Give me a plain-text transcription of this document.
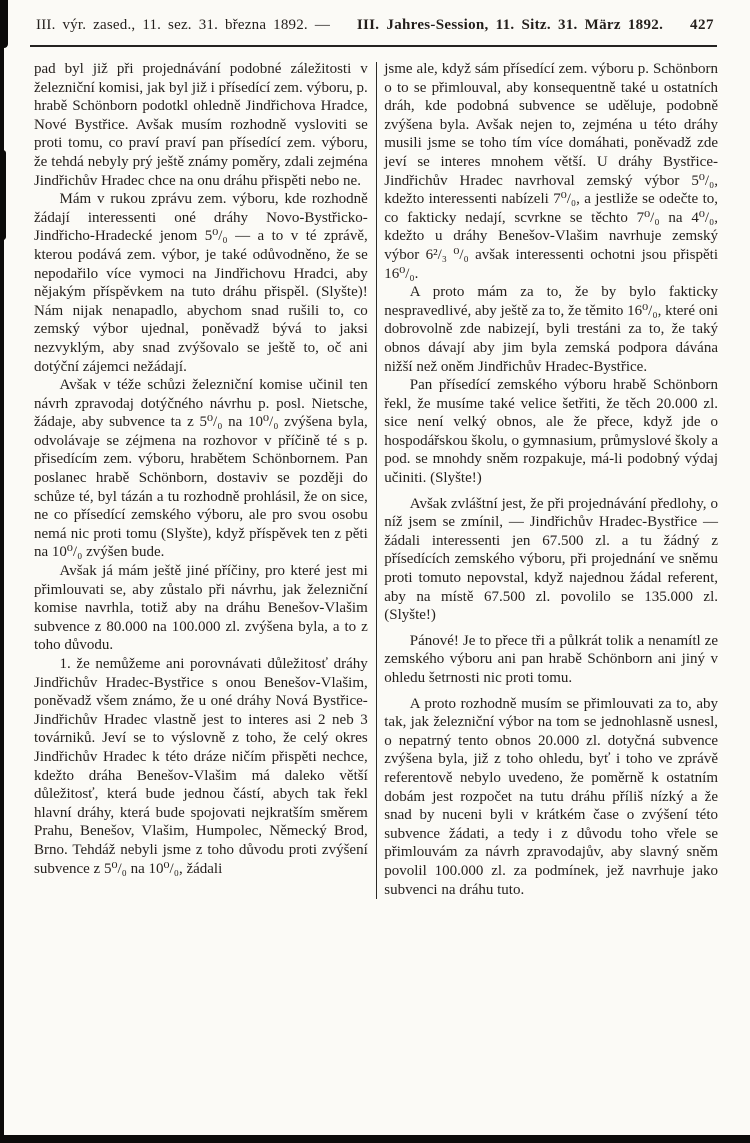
III. výr. zased., 11. sez. 31. března 1892. — III. Jahres-Session, 11. Sitz. 31. März 1892. 427

pad byl již při projednávání podobné záležitosti v železniční komisi, jak byl již i přísedící zem. výboru, p. hrabě Schönborn podotkl ohledně Jindřichova Hradce, Nové Bystřice. Avšak musím rozhodně vysloviti se proti tomu, co praví praví pan přísedící zem. výboru, že tehdá nebyly prý ještě známy poměry, zdali zejména Jindřichův Hradec chce na onu dráhu přispěti nebo ne.

Mám v rukou zprávu zem. výboru, kde rozhodně žádají interessenti oné dráhy Novo-Bystřicko-Jindřicho-Hradecké jenom 5⁰/₀ — a to v té zprávě, kterou podává zem. výbor, je také odůvodněno, že se nepodařilo více vymoci na Jindřichovu Hradci, aby nějakým příspěvkem na tuto dráhu přispěl. (Slyšte)! Nám nijak nenapadlo, abychom snad rušili to, co zemský výbor ujednal, poněvadž bývá to jaksi nezvyklým, aby snad zvýšovalo se ještě to, oč ani dotýční zájemci nežádají.

Avšak v téže schůzi železniční komise učinil ten návrh zpravodaj dotýčného návrhu p. posl. Nietsche, žádaje, aby subvence ta z 5⁰/₀ na 10⁰/₀ zvýšena byla, odvolávaje se zéjmena na rozhovor v příčině té s p. přisedícím zem. výboru, hrabětem Schönbornem. Pan poslanec hrabě Schönborn, dostaviv se později do schůze té, byl tázán a tu rozhodně prohlásil, že on sice, ne co přísedící zemského výboru, ale pro svou osobu nemá nic proti tomu (Slyšte), když příspěvek ten z pěti na 10⁰/₀ zvýšen bude.

Avšak já mám ještě jiné příčiny, pro které jest mi přimlouvati se, aby zůstalo při návrhu, jak železniční komise navrhla, totiž aby na dráhu Benešov-Vlašim subvence z 80.000 na 100.000 zl. zvýšena byla, a to z toho důvodu.

1. že nemůžeme ani porovnávati důležitosť dráhy Jindřichův Hradec-Bystřice s onou Benešov-Vlašim, poněvadž všem známo, že u oné dráhy Nová Bystřice-Jindřichův Hradec vlastně jest to interes asi 2 neb 3 továrniků. Jeví se to výslovně z toho, že celý okres Jindřichův Hradec k této dráze ničím přispěti nechce, kdežto dráha Benešov-Vlašim má daleko větší důležitosť, která bude jednou částí, abych tak řekl hlavní dráhy, která bude spojovati nejkratším směrem Prahu, Benešov, Vlašim, Humpolec, Německý Brod, Brno. Tehdáž nebyli jsme z toho důvodu proti zvýšení subvence z 5⁰/₀ na 10⁰/₀, žádali

jsme ale, když sám přísedící zem. výboru p. Schönborn o to se přimlouval, aby konsequentně také u ostatních dráh, kde podobná subvence se uděluje, podobně zvýšena byla. Avšak nejen to, zejména u této dráhy musili jsme se toho tím více domáhati, poněvadž zde jeví se interes mnohem větší. U dráhy Bystřice-Jindřichův Hradec navrhoval zemský výbor 5⁰/₀, kdežto interessenti nabízeli 7⁰/₀, a jestliže se odečte to, co fakticky nedají, scvrkne se těchto 7⁰/₀ na 4⁰/₀, kdežto u dráhy Benešov-Vlašim navrhuje zemský výbor 6²/₃ ⁰/₀ avšak interessenti ochotni jsou přispěti 16⁰/₀.

A proto mám za to, že by bylo fakticky nespravedlivé, aby ještě za to, že těmito 16⁰/₀, které oni dobrovolně zde nabizejí, byli trestáni za to, že taký obnos dávají aby jim byla zemská podpora dávána nižší než oněm Jindřichův Hradec-Bystřice.

Pan přísedící zemského výboru hrabě Schönborn řekl, že musíme také velice šetřiti, že těch 20.000 zl. sice není velký obnos, ale že přece, když jde o hospodářskou školu, o gymnasium, průmyslové školy a pod. se mnohdy sněm rozpakuje, má-li podobný výdaj učiniti. (Slyšte!)

Avšak zvláštní jest, že při projednávání předlohy, o níž jsem se zmínil, — Jindřichův Hradec-Bystřice — žádali interessenti jen 67.500 zl. a tu žádný z přísedících zemského výboru, při projednání ve sněmu proti tomuto nepovstal, když najednou žádal referent, aby na místě 67.500 zl. povolilo se 135.000 zl. (Slyšte!)

Pánové! Je to přece tři a půlkrát tolik a nenamítl ze zemského výboru ani pan hrabě Schönborn ani jiný v ohledu šetrnosti nic proti tomu.

A proto rozhodně musím se přimlouvati za to, aby tak, jak železniční výbor na tom se jednohlasně usnesl, o nepatrný tento obnos 20.000 zl. dotyčná subvence zvýšena byla, již z toho ohledu, byť i toho ve zprávě referentově nebylo uvedeno, že poměrně k ostatním dobám jest rozpočet na tutu dráhu příliš nízký a že snad by nuceni byli v krátkém čase o zvýšení této subvence žádati, a tedy i z důvodu toho vřele se přimlouvám za návrh zpravodajův, aby slavný sněm povolil 100.000 zl. za podmínek, jež navrhuje jako subvenci na dráhu tuto.
